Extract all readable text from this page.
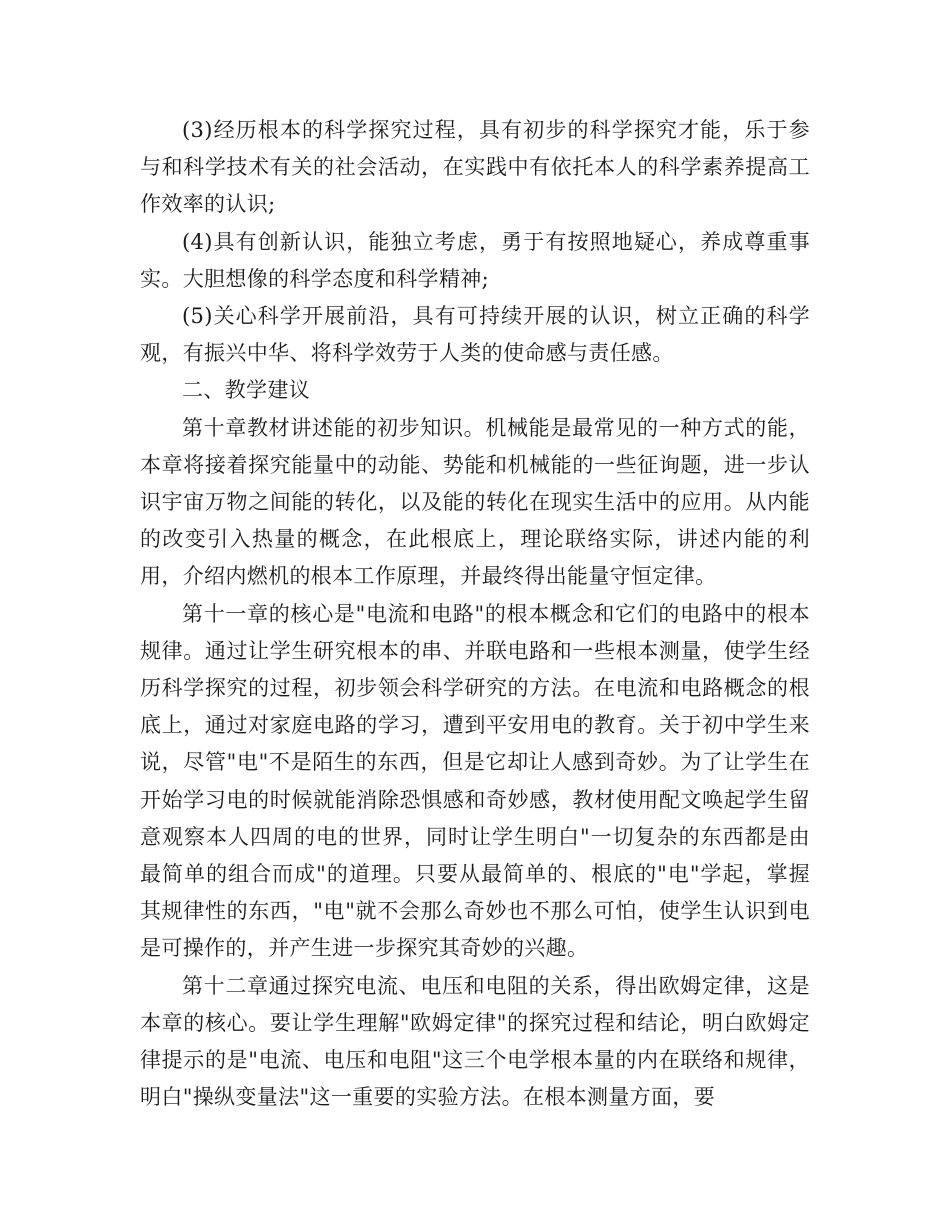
(3)经历根本的科学探究过程，具有初步的科学探究才能，乐于参与和科学技术有关的社会活动，在实践中有依托本人的科学素养提高工作效率的认识;

(4)具有创新认识，能独立考虑，勇于有按照地疑心，养成尊重事实。大胆想像的科学态度和科学精神;

(5)关心科学开展前沿，具有可持续开展的认识，树立正确的科学观，有振兴中华、将科学效劳于人类的使命感与责任感。

二、教学建议

第十章教材讲述能的初步知识。机械能是最常见的一种方式的能，本章将接着探究能量中的动能、势能和机械能的一些征询题，进一步认识宇宙万物之间能的转化，以及能的转化在现实生活中的应用。从内能的改变引入热量的概念，在此根底上，理论联络实际，讲述内能的利用，介绍内燃机的根本工作原理，并最终得出能量守恒定律。

第十一章的核心是"电流和电路"的根本概念和它们的电路中的根本规律。通过让学生研究根本的串、并联电路和一些根本测量，使学生经历科学探究的过程，初步领会科学研究的方法。在电流和电路概念的根底上，通过对家庭电路的学习，遭到平安用电的教育。关于初中学生来说，尽管"电"不是陌生的东西，但是它却让人感到奇妙。为了让学生在开始学习电的时候就能消除恐惧感和奇妙感，教材使用配文唤起学生留意观察本人四周的电的世界，同时让学生明白"一切复杂的东西都是由最简单的组合而成"的道理。只要从最简单的、根底的"电"学起，掌握其规律性的东西，"电"就不会那么奇妙也不那么可怕，使学生认识到电是可操作的，并产生进一步探究其奇妙的兴趣。

第十二章通过探究电流、电压和电阻的关系，得出欧姆定律，这是本章的核心。要让学生理解"欧姆定律"的探究过程和结论，明白欧姆定律提示的是"电流、电压和电阻"这三个电学根本量的内在联络和规律，明白"操纵变量法"这一重要的实验方法。在根本测量方面，要
